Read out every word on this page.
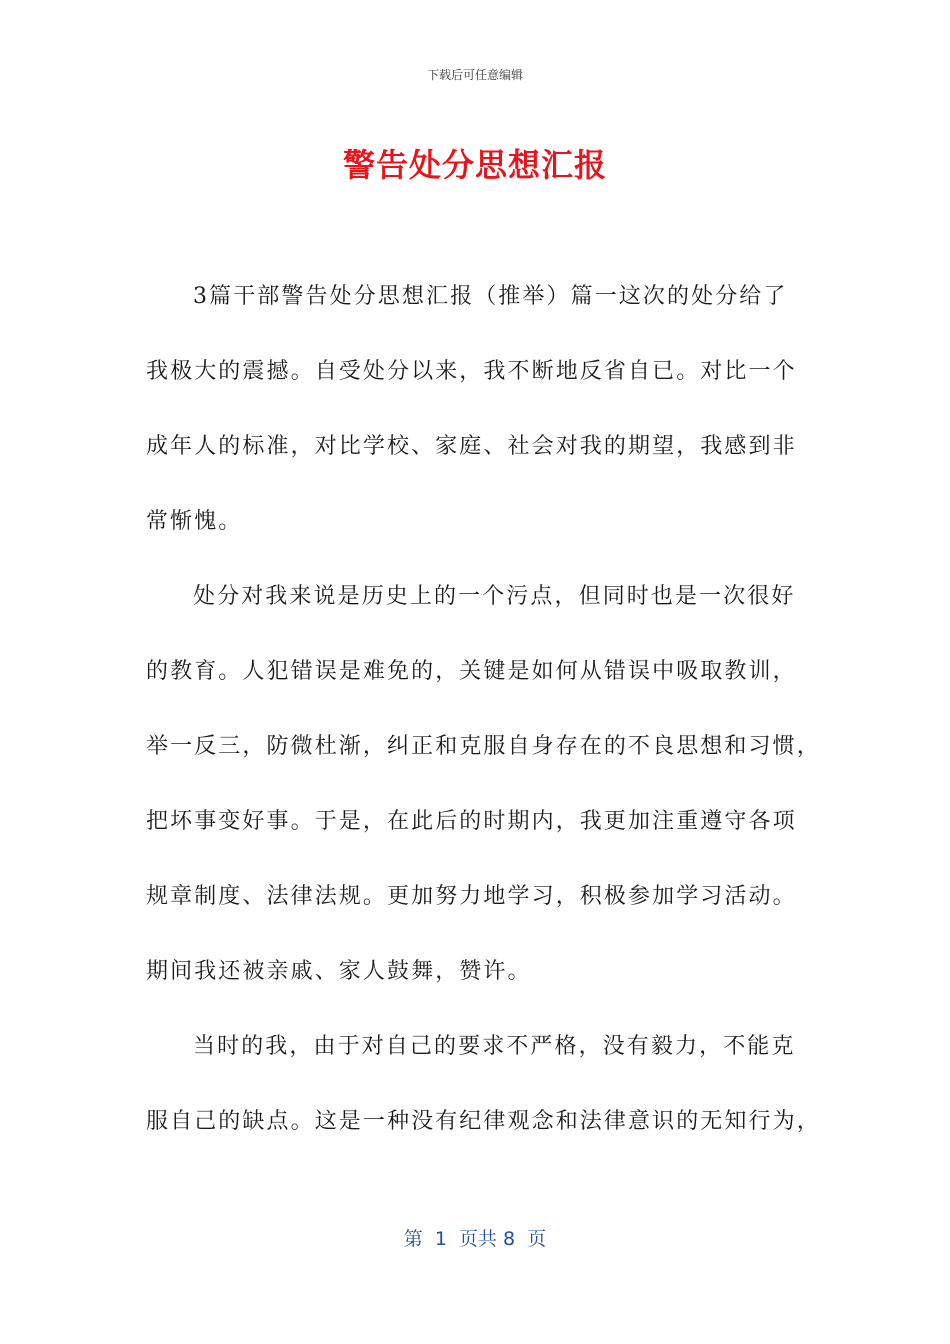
下载后可任意编辑
警告处分思想汇报
3篇干部警告处分思想汇报（推举）篇一这次的处分给了
我极大的震撼。自受处分以来，我不断地反省自已。对比一个
成年人的标准，对比学校、家庭、社会对我的期望，我感到非
常惭愧。
处分对我来说是历史上的一个污点，但同时也是一次很好
的教育。人犯错误是难免的，关键是如何从错误中吸取教训，
举一反三，防微杜渐，纠正和克服自身存在的不良思想和习惯，
把坏事变好事。于是，在此后的时期内，我更加注重遵守各项
规章制度、法律法规。更加努力地学习，积极参加学习活动。
期间我还被亲戚、家人鼓舞，赞许。
当时的我，由于对自己的要求不严格，没有毅力，不能克
服自己的缺点。这是一种没有纪律观念和法律意识的无知行为，
第  1  页共 8  页
